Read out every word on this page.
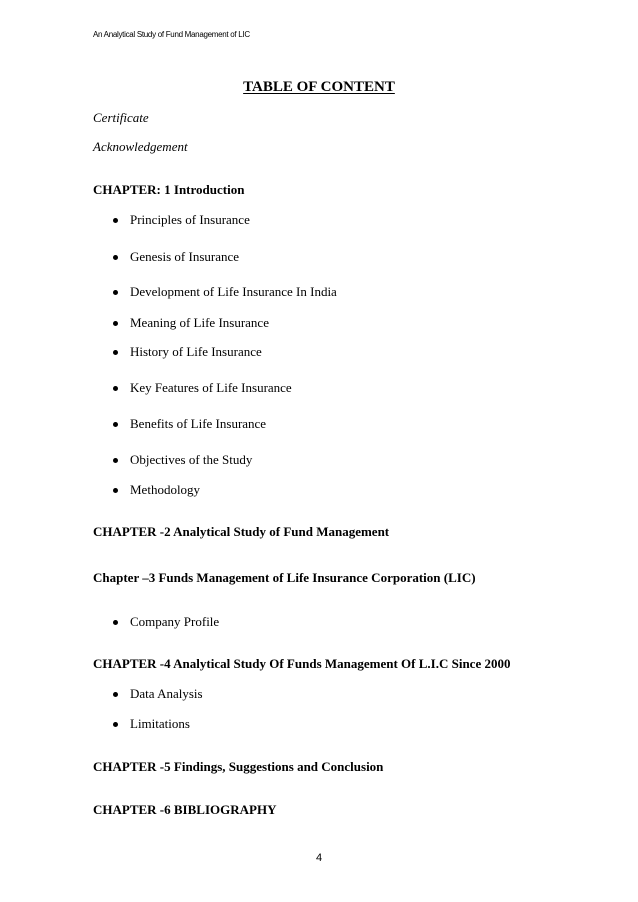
An Analytical Study of Fund Management of LIC
TABLE OF CONTENT
Certificate
Acknowledgement
CHAPTER: 1 Introduction
Principles of Insurance
Genesis of Insurance
Development of Life Insurance In India
Meaning of Life Insurance
History of Life Insurance
Key Features of Life Insurance
Benefits of Life Insurance
Objectives of the Study
Methodology
CHAPTER -2 Analytical Study of Fund Management
Chapter –3 Funds Management of Life Insurance Corporation (LIC)
Company Profile
CHAPTER -4 Analytical Study Of Funds Management Of L.I.C Since 2000
Data Analysis
Limitations
CHAPTER -5 Findings, Suggestions and Conclusion
CHAPTER -6 BIBLIOGRAPHY
4
